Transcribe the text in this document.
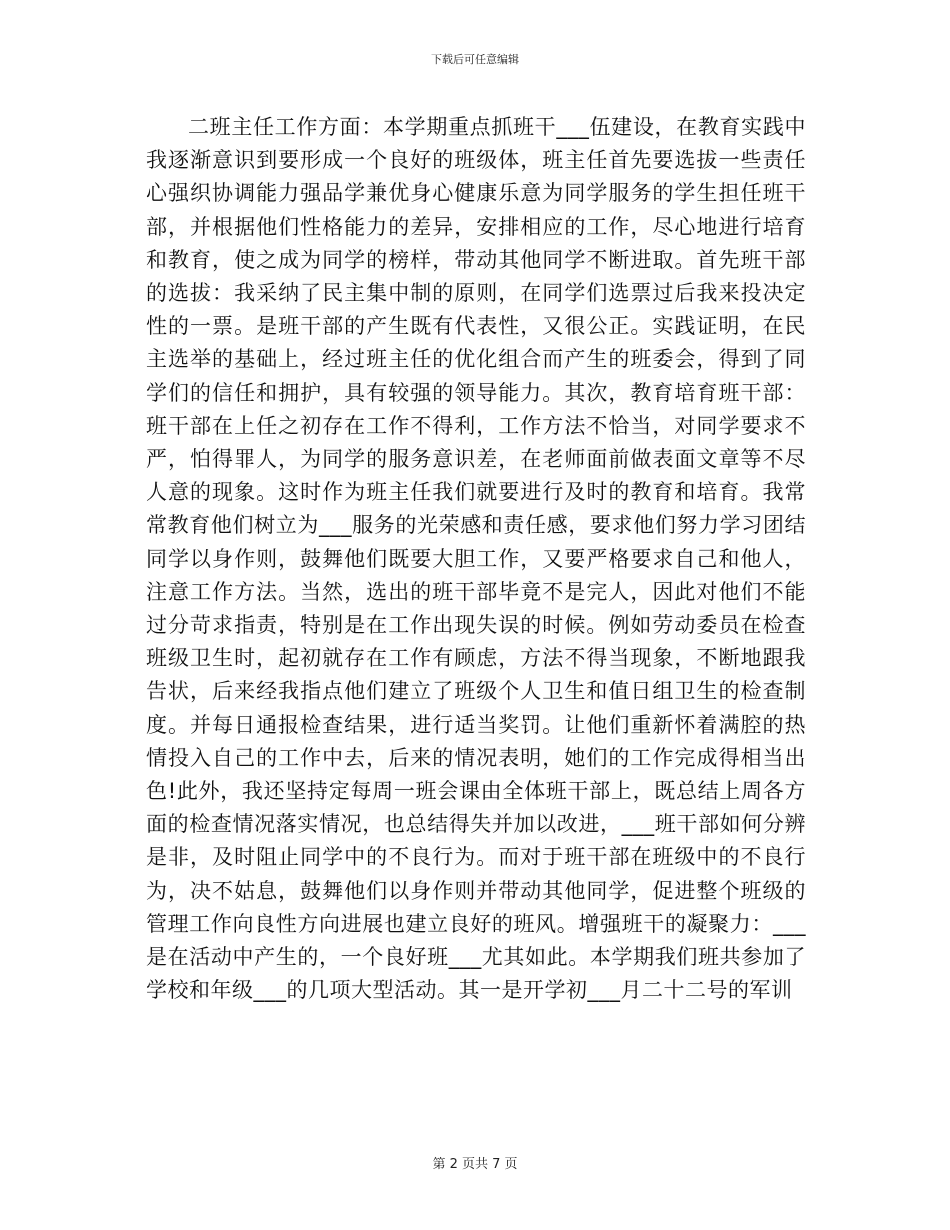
下载后可任意编辑

二班主任工作方面：本学期重点抓班干___伍建设，在教育实践中我逐渐意识到要形成一个良好的班级体，班主任首先要选拔一些责任心强织协调能力强品学兼优身心健康乐意为同学服务的学生担任班干部，并根据他们性格能力的差异，安排相应的工作，尽心地进行培育和教育，使之成为同学的榜样，带动其他同学不断进取。首先班干部的选拔：我采纳了民主集中制的原则，在同学们选票过后我来投决定性的一票。是班干部的产生既有代表性，又很公正。实践证明，在民主选举的基础上，经过班主任的优化组合而产生的班委会，得到了同学们的信任和拥护，具有较强的领导能力。其次，教育培育班干部：班干部在上任之初存在工作不得利，工作方法不恰当，对同学要求不严，怕得罪人，为同学的服务意识差，在老师面前做表面文章等不尽人意的现象。这时作为班主任我们就要进行及时的教育和培育。我常常教育他们树立为___服务的光荣感和责任感，要求他们努力学习团结同学以身作则，鼓舞他们既要大胆工作，又要严格要求自己和他人，注意工作方法。当然，选出的班干部毕竟不是完人，因此对他们不能过分苛求指责，特别是在工作出现失误的时候。例如劳动委员在检查班级卫生时，起初就存在工作有顾虑，方法不得当现象，不断地跟我告状，后来经我指点他们建立了班级个人卫生和值日组卫生的检查制度。并每日通报检查结果，进行适当奖罚。让他们重新怀着满腔的热情投入自己的工作中去，后来的情况表明，她们的工作完成得相当出色!此外，我还坚持定每周一班会课由全体班干部上，既总结上周各方面的检查情况落实情况，也总结得失并加以改进，___班干部如何分辨是非，及时阻止同学中的不良行为。而对于班干部在班级中的不良行为，决不姑息，鼓舞他们以身作则并带动其他同学，促进整个班级的管理工作向良性方向进展也建立良好的班风。增强班干的凝聚力：___是在活动中产生的，一个良好班___尤其如此。本学期我们班共参加了学校和年级___的几项大型活动。其一是开学初___月二十二号的军训

第 2 页共 7 页
